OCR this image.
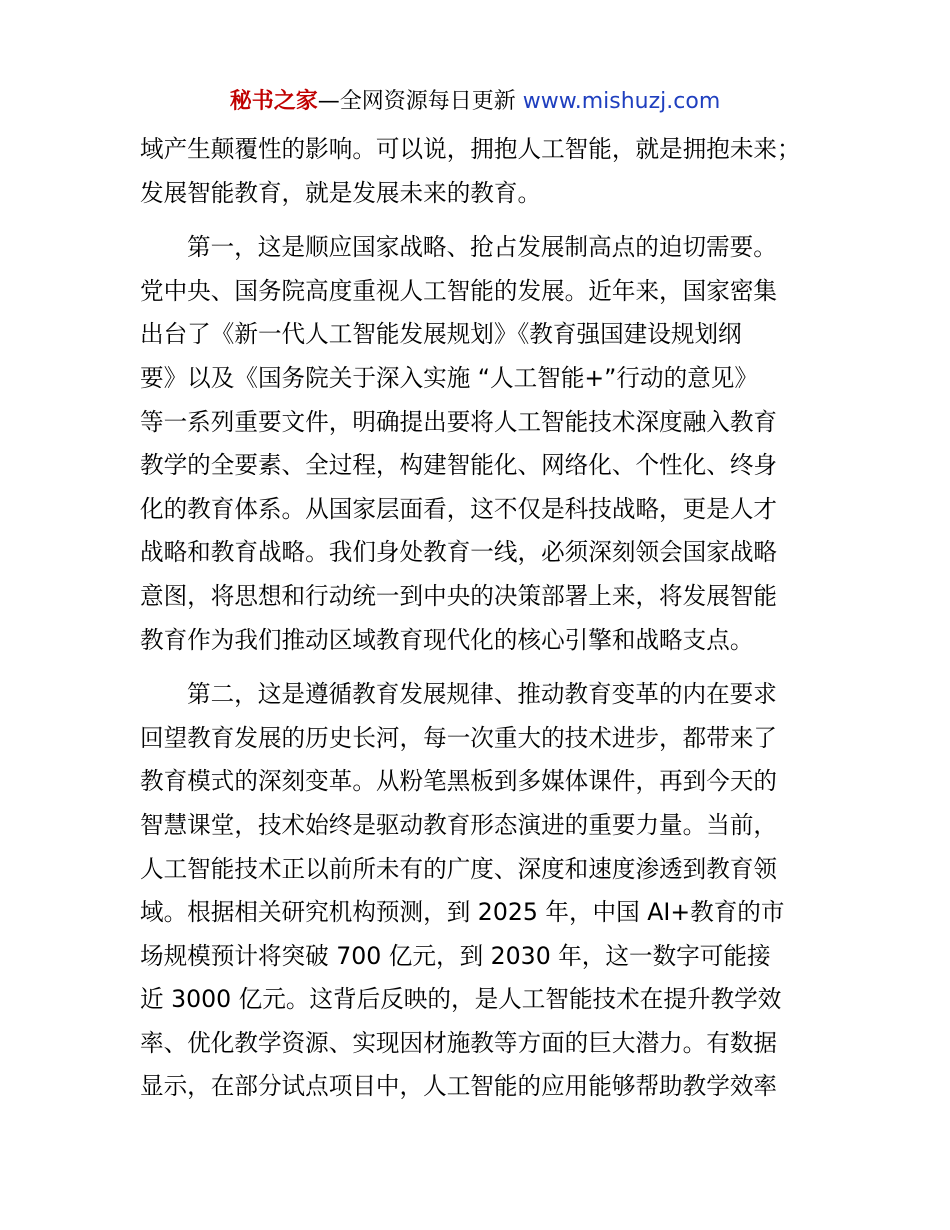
秘书之家—全网资源每日更新 www.mishuzj.com
域产生颠覆性的影响。可以说，拥抱人工智能，就是拥抱未来；
发展智能教育，就是发展未来的教育。
第一，这是顺应国家战略、抢占发展制高点的迫切需要。
党中央、国务院高度重视人工智能的发展。近年来，国家密集
出台了《新一代人工智能发展规划》《教育强国建设规划纲
要》以及《国务院关于深入实施 “人工智能+”行动的意见》
等一系列重要文件，明确提出要将人工智能技术深度融入教育
教学的全要素、全过程，构建智能化、网络化、个性化、终身
化的教育体系。从国家层面看，这不仅是科技战略，更是人才
战略和教育战略。我们身处教育一线，必须深刻领会国家战略
意图，将思想和行动统一到中央的决策部署上来，将发展智能
教育作为我们推动区域教育现代化的核心引擎和战略支点。
第二，这是遵循教育发展规律、推动教育变革的内在要求
回望教育发展的历史长河，每一次重大的技术进步，都带来了
教育模式的深刻变革。从粉笔黑板到多媒体课件，再到今天的
智慧课堂，技术始终是驱动教育形态演进的重要力量。当前，
人工智能技术正以前所未有的广度、深度和速度渗透到教育领
域。根据相关研究机构预测，到 2025 年，中国 AI+教育的市
场规模预计将突破 700 亿元，到 2030 年，这一数字可能接
近 3000 亿元。这背后反映的，是人工智能技术在提升教学效
率、优化教学资源、实现因材施教等方面的巨大潜力。有数据
显示，在部分试点项目中，人工智能的应用能够帮助教学效率
